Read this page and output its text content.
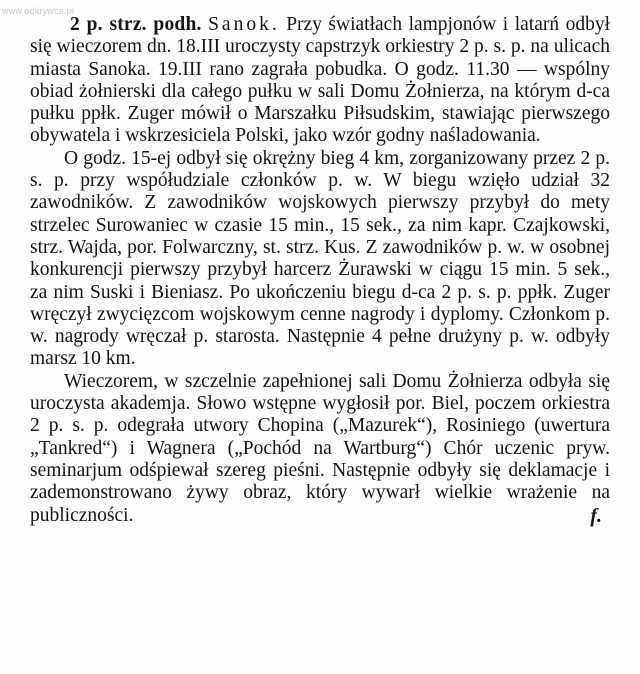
www.odkrywca.pl

2 p. strz. podh. Sanok. Przy światłach lampjonów i latarń odbył się wieczorem dn. 18.III uroczysty capstrzyk orkiestry 2 p. s. p. na ulicach miasta Sanoka. 19.III rano zagrała pobudka. O godz. 11.30 — wspólny obiad żołnierski dla całego pułku w sali Domu Żołnierza, na którym d-ca pułku ppłk. Zuger mówił o Marszałku Piłsudskim, stawiając pierwszego obywatela i wskrzesiciela Polski, jako wzór godny naśladowania.

O godz. 15-ej odbył się okrężny bieg 4 km, zorganizowany przez 2 p. s. p. przy współudziale członków p. w. W biegu wzięło udział 32 zawodników. Z zawodników wojskowych pierwszy przybył do mety strzelec Surowaniec w czasie 15 min., 15 sek., za nim kapr. Czajkowski, strz. Wajda, por. Folwarczny, st. strz. Kus. Z zawodników p. w. w osobnej konkurencji pierwszy przybył harcerz Żurawski w ciągu 15 min. 5 sek., za nim Suski i Bieniasz. Po ukończeniu biegu d-ca 2 p. s. p. ppłk. Zuger wręczył zwycięzcom wojskowym cenne nagrody i dyplomy. Członkom p. w. nagrody wręczał p. starosta. Następnie 4 pełne drużyny p. w. odbyły marsz 10 km.

Wieczorem, w szczelnie zapełnionej sali Domu Żołnierza odbyła się uroczysta akademja. Słowo wstępne wygłosił por. Biel, poczem orkiestra 2 p. s. p. odegrała utwory Chopina („Mazurek“), Rosiniego (uwertura „Tankred“) i Wagnera („Pochód na Wartburg“) Chór uczenic pryw. seminarjum odśpiewał szereg pieśni. Następnie odbyły się deklamacje i zademonstrowano żywy obraz, który wywarł wielkie wrażenie na publiczności.	f.
